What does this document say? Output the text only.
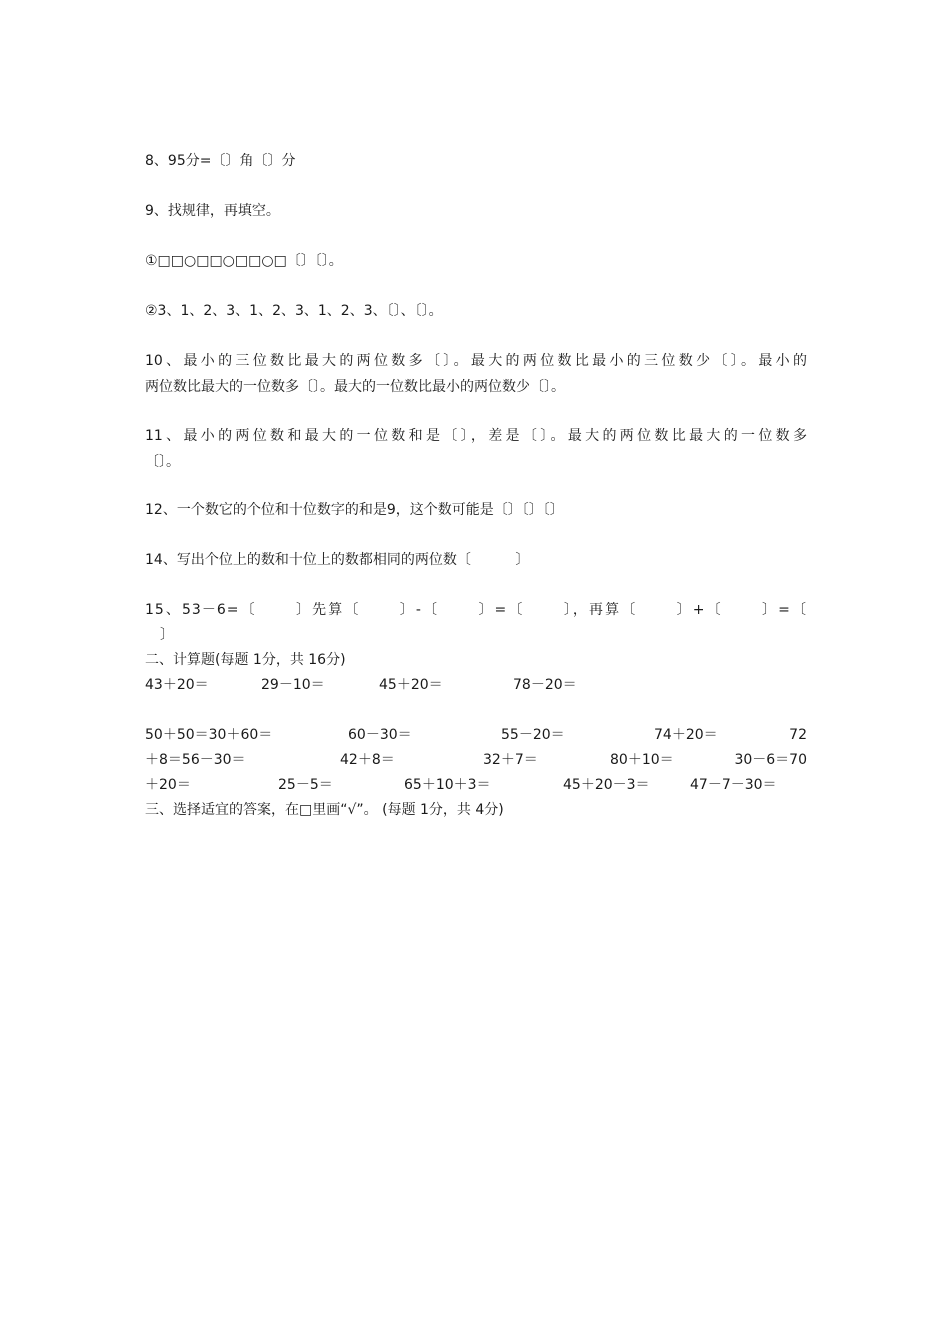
8、95分=〔〕角〔〕分
9、找规律，再填空。
①□□○□□○□□○□〔〕〔〕。
②3、1、2、3、1、2、3、1、2、3、〔〕、〔〕。
10、最小的三位数比最大的两位数多〔〕。最大的两位数比最小的三位数少〔〕。最小的
两位数比最大的一位数多〔〕。最大的一位数比最小的两位数少〔〕。
11、最小的两位数和最大的一位数和是〔〕，差是〔〕。最大的两位数比最大的一位数多
〔〕。
12、一个数它的个位和十位数字的和是9，这个数可能是〔〕〔〕〔〕
14、写出个位上的数和十位上的数都相同的两位数〔          〕
15、53－6=〔      〕先算〔      〕-〔      〕=〔      〕，再算〔      〕+〔      〕=〔
〕
二、计算题(每题 1分，共 16分)
43＋20＝	29－10＝	45＋20＝	78－20＝
50＋50＝30＋60＝	60－30＝	55－20＝	74＋20＝	72
＋8＝56－30＝	42＋8＝	32＋7＝	80＋10＝	30－6＝70
＋20＝	25－5＝	65＋10＋3＝	45＋20－3＝	47－7－30＝
三、选择适宜的答案，在□里画“√”。 (每题 1分，共 4分)
